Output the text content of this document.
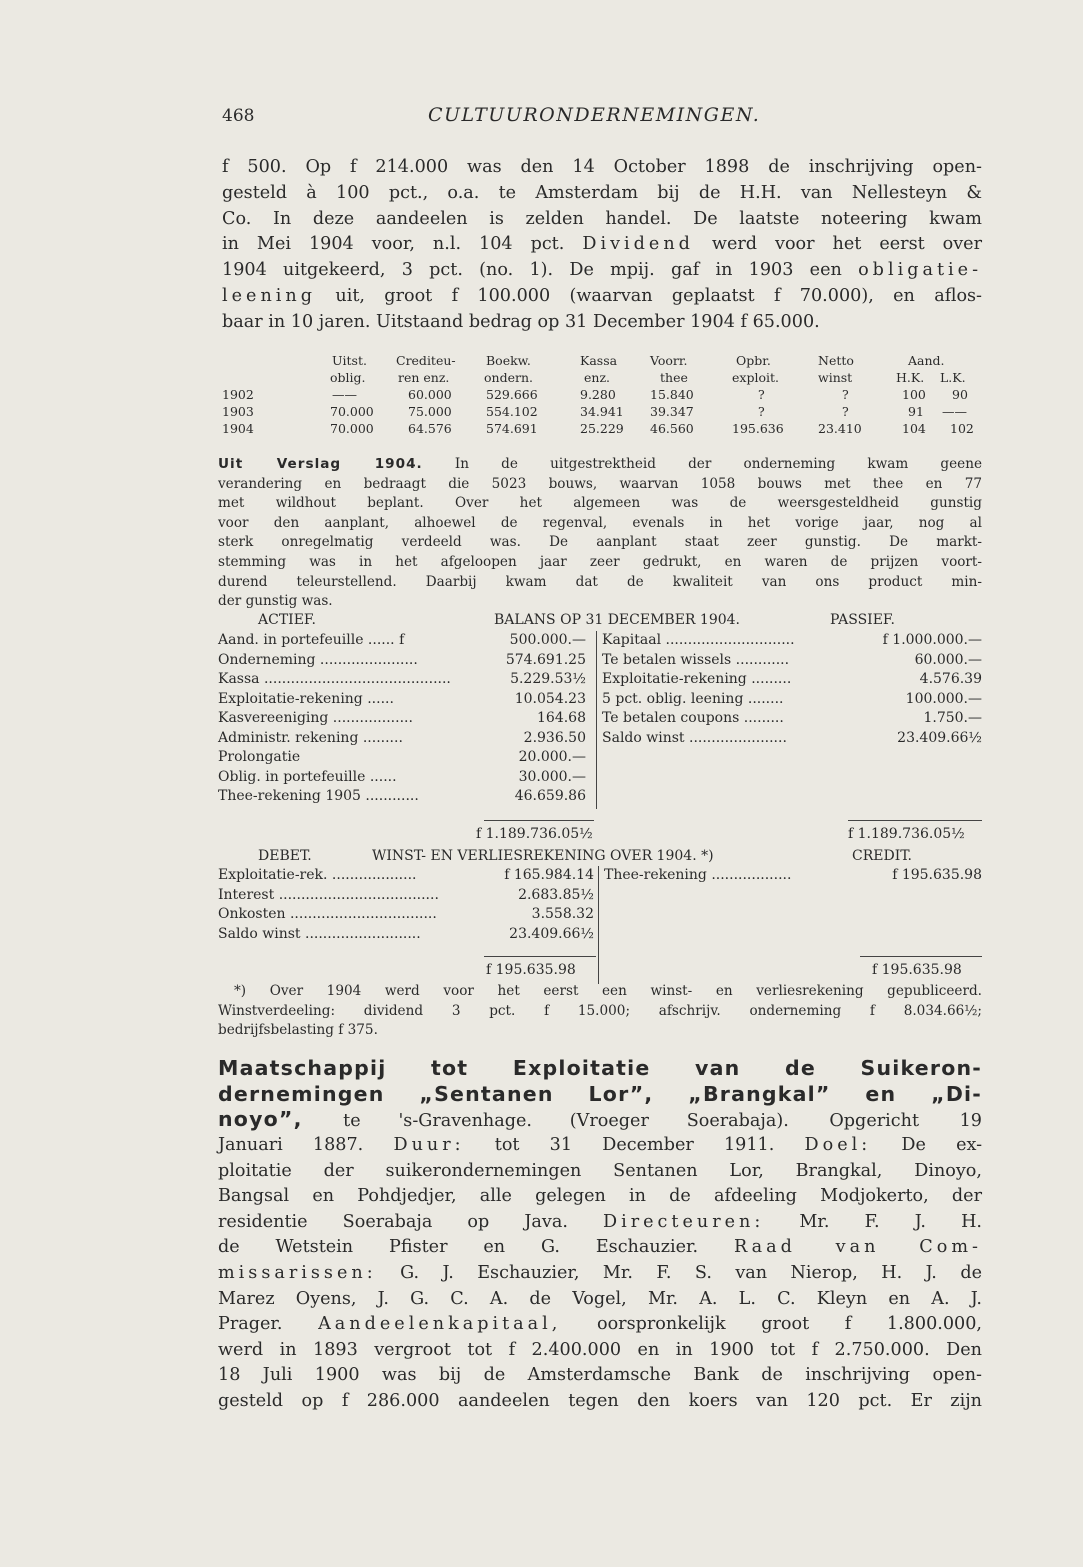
468	CULTUURONDERNEMINGEN.
f 500. Op f 214.000 was den 14 October 1898 de inschrijving open-
gesteld à 100 pct., o.a. te Amsterdam bij de H.H. van Nellesteyn &
Co. In deze aandeelen is zelden handel. De laatste noteering kwam
in Mei 1904 voor, n.l. 104 pct. Dividend werd voor het eerst over
1904 uitgekeerd, 3 pct. (no. 1). De mpij. gaf in 1903 een obligatie-
leening uit, groot f 100.000 (waarvan geplaatst f 70.000), en aflos-
baar in 10 jaren. Uitstaand bedrag op 31 December 1904 f 65.000.
Uitst. Crediteu- Boekw.	Kassa	Voorr.	Opbr.	Netto	Aand.
oblig.	ren enz.	ondern.	enz.	thee	exploit.	winst	H.K. L.K.
1902	——	60.000	529.666	9.280	15.840	?	?	100 90
1903	70.000	75.000	554.102	34.941 39.347	?	?	91 ——
1904	70.000	64.576	574.691	25.229 46.560	195.636	23.410	104 102
Uit Verslag 1904. In de uitgestrektheid der onderneming kwam geene
verandering en bedraagt die 5023 bouws, waarvan 1058 bouws met thee en 77
met wildhout beplant. Over het algemeen was de weersgesteldheid gunstig
voor den aanplant, alhoewel de regenval, evenals in het vorige jaar, nog al
sterk onregelmatig verdeeld was. De aanplant staat zeer gunstig. De markt-
stemming was in het afgeloopen jaar zeer gedrukt, en waren de prijzen voort-
durend teleurstellend. Daarbij kwam dat de kwaliteit van ons product min-
der gunstig was.
ACTIEF.	BALANS OP 31 DECEMBER 1904.	PASSIEF.
Aand. in portefeuille ...... f	500.000.—
Onderneming ......................	574.691.25
Kassa ..........................................	5.229.53½
Exploitatie-rekening ......	10.054.23
Kasvereeniging ..................	164.68
Administr. rekening .........	2.936.50
Prolongatie	20.000.—
Oblig. in portefeuille ......	30.000.—
Thee-rekening 1905 ............	46.659.86
Kapitaal .............................	f 1.000.000.—
Te betalen wissels ............	60.000.—
Exploitatie-rekening .........	4.576.39
5 pct. oblig. leening ........	100.000.—
Te betalen coupons .........	1.750.—
Saldo winst ......................	23.409.66½
f 1.189.736.05½	f 1.189.736.05½
DEBET.	WINST- EN VERLIESREKENING OVER 1904. *)	CREDIT.
Exploitatie-rek. ...................	f 165.984.14
Interest ....................................	2.683.85½
Onkosten .................................	3.558.32
Saldo winst ..........................	23.409.66½
Thee-rekening ..................	f 195.635.98
f 195.635.98	f 195.635.98
*) Over 1904 werd voor het eerst een winst- en verliesrekening gepubliceerd.
Winstverdeeling: dividend 3 pct. f 15.000; afschrijv. onderneming f 8.034.66½;
bedrijfsbelasting f 375.
Maatschappij tot Exploitatie van de Suikeron-
dernemingen „Sentanen Lor”, „Brangkal” en „Di-
noyo”, te 's-Gravenhage. (Vroeger Soerabaja). Opgericht 19
Januari 1887. Duur: tot 31 December 1911. Doel: De ex-
ploitatie der suikerondernemingen Sentanen Lor, Brangkal, Dinoyo,
Bangsal en Pohdjedjer, alle gelegen in de afdeeling Modjokerto, der
residentie Soerabaja op Java. Directeuren: Mr. F. J. H.
de Wetstein Pfister en G. Eschauzier. Raad van Com-
missarissen: G. J. Eschauzier, Mr. F. S. van Nierop, H. J. de
Marez Oyens, J. G. C. A. de Vogel, Mr. A. L. C. Kleyn en A. J.
Prager. Aandeelenkapitaal, oorspronkelijk groot f 1.800.000,
werd in 1893 vergroot tot f 2.400.000 en in 1900 tot f 2.750.000. Den
18 Juli 1900 was bij de Amsterdamsche Bank de inschrijving open-
gesteld op f 286.000 aandeelen tegen den koers van 120 pct. Er zijn
